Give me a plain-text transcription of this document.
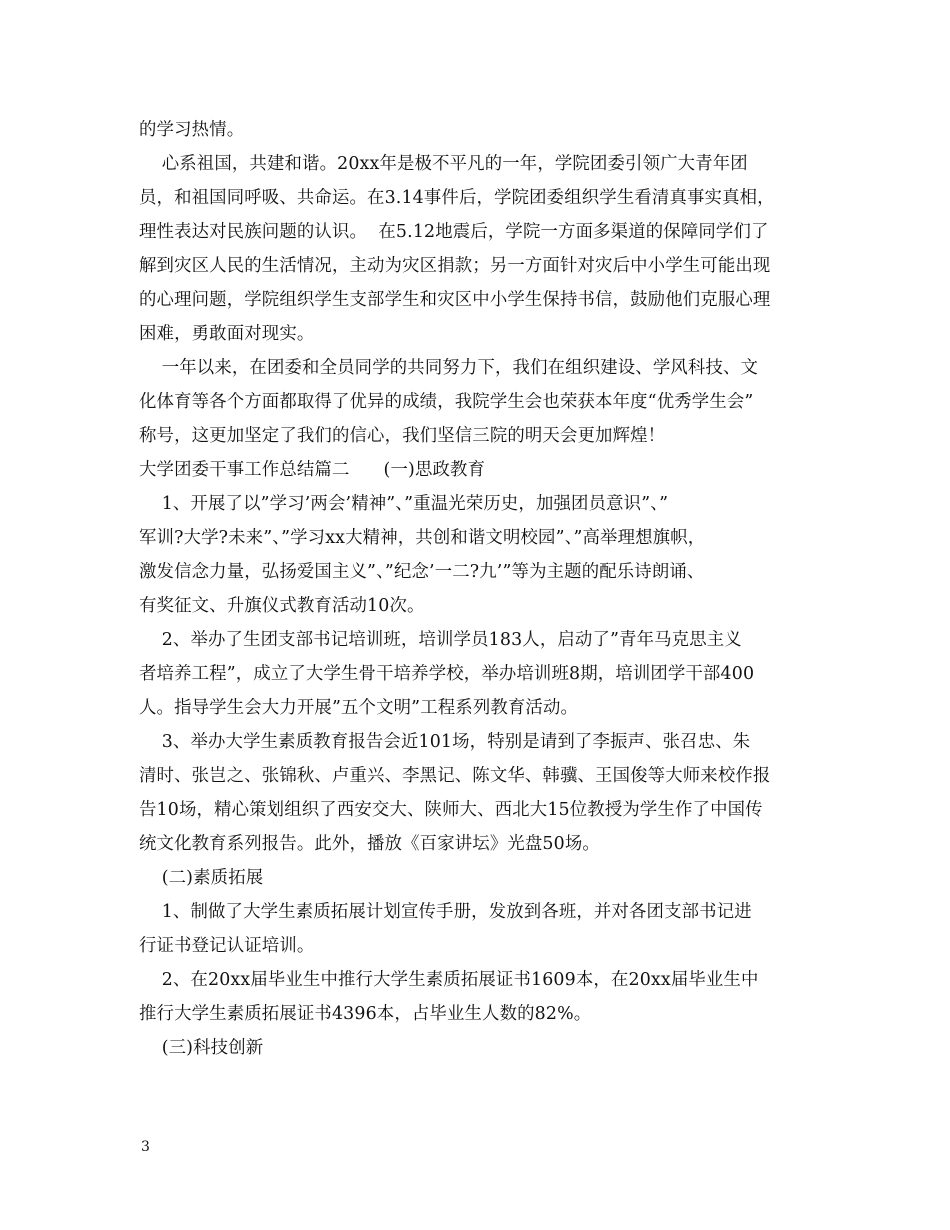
的学习热情。
心系祖国，共建和谐。20xx年是极不平凡的一年，学院团委引领广大青年团
员，和祖国同呼吸、共命运。在3.14事件后，学院团委组织学生看清真事实真相，
理性表达对民族问题的认识。  在5.12地震后，学院一方面多渠道的保障同学们了
解到灾区人民的生活情况，主动为灾区捐款；另一方面针对灾后中小学生可能出现
的心理问题，学院组织学生支部学生和灾区中小学生保持书信，鼓励他们克服心理
困难，勇敢面对现实。
一年以来，在团委和全员同学的共同努力下，我们在组织建设、学风科技、文
化体育等各个方面都取得了优异的成绩，我院学生会也荣获本年度“优秀学生会”
称号，这更加坚定了我们的信心，我们坚信三院的明天会更加辉煌！
大学团委干事工作总结篇二      (一)思政教育
1、开展了以”学习’两会’精神”、”重温光荣历史，加强团员意识”、”
军训?大学?未来”、”学习xx大精神，共创和谐文明校园”、”高举理想旗帜，
激发信念力量，弘扬爱国主义”、”纪念’一二?九’”等为主题的配乐诗朗诵、
有奖征文、升旗仪式教育活动10次。
2、举办了生团支部书记培训班，培训学员183人，启动了”青年马克思主义
者培养工程”，成立了大学生骨干培养学校，举办培训班8期，培训团学干部400
人。指导学生会大力开展”五个文明”工程系列教育活动。
3、举办大学生素质教育报告会近101场，特别是请到了李振声、张召忠、朱
清时、张岂之、张锦秋、卢重兴、李黑记、陈文华、韩骥、王国俊等大师来校作报
告10场，精心策划组织了西安交大、陕师大、西北大15位教授为学生作了中国传
统文化教育系列报告。此外，播放《百家讲坛》光盘50场。
(二)素质拓展
1、制做了大学生素质拓展计划宣传手册，发放到各班，并对各团支部书记进
行证书登记认证培训。
2、在20xx届毕业生中推行大学生素质拓展证书1609本，在20xx届毕业生中
推行大学生素质拓展证书4396本，占毕业生人数的82%。
(三)科技创新
3
